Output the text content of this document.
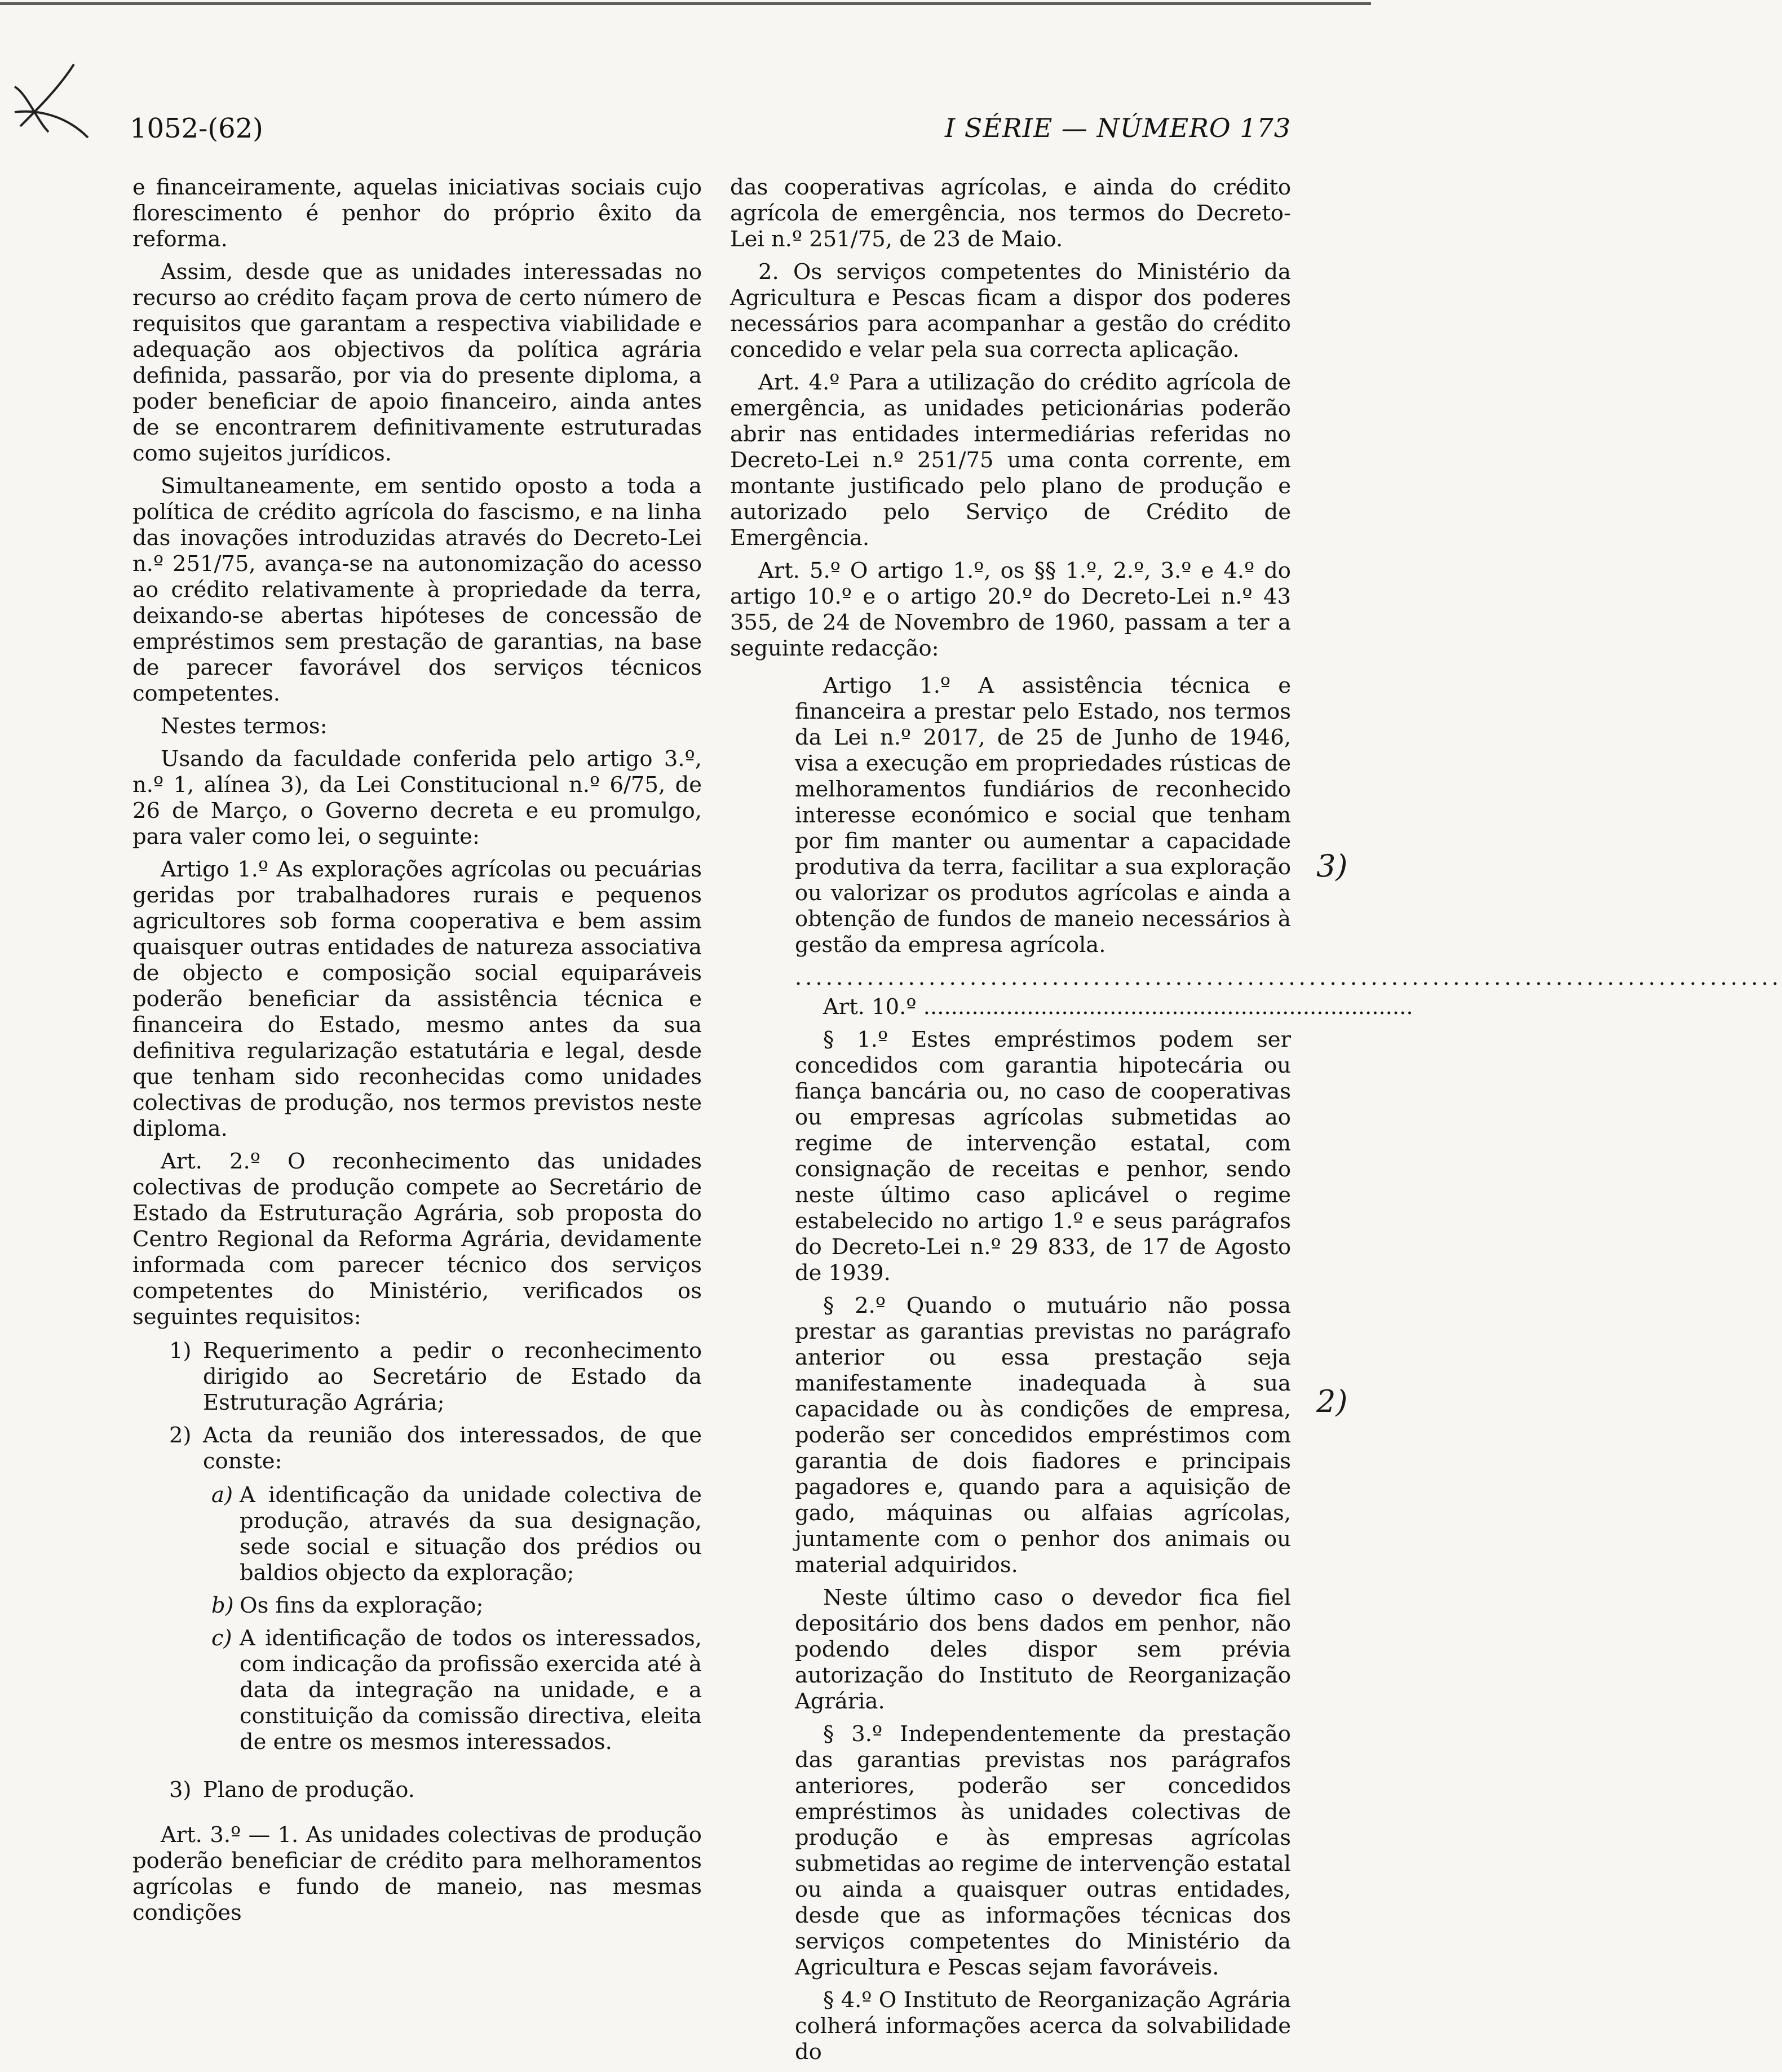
1052-(62)	I SÉRIE — NÚMERO 173

e financeiramente, aquelas iniciativas sociais cujo florescimento é penhor do próprio êxito da reforma.

Assim, desde que as unidades interessadas no recurso ao crédito façam prova de certo número de requisitos que garantam a respectiva viabilidade e adequação aos objectivos da política agrária definida, passarão, por via do presente diploma, a poder beneficiar de apoio financeiro, ainda antes de se encontrarem definitivamente estruturadas como sujeitos jurídicos.

Simultaneamente, em sentido oposto a toda a política de crédito agrícola do fascismo, e na linha das inovações introduzidas através do Decreto-Lei n.º 251/75, avança-se na autonomização do acesso ao crédito relativamente à propriedade da terra, deixando-se abertas hipóteses de concessão de empréstimos sem prestação de garantias, na base de parecer favorável dos serviços técnicos competentes.

Nestes termos:

Usando da faculdade conferida pelo artigo 3.º, n.º 1, alínea 3), da Lei Constitucional n.º 6/75, de 26 de Março, o Governo decreta e eu promulgo, para valer como lei, o seguinte:

Artigo 1.º As explorações agrícolas ou pecuárias geridas por trabalhadores rurais e pequenos agricultores sob forma cooperativa e bem assim quaisquer outras entidades de natureza associativa de objecto e composição social equiparáveis poderão beneficiar da assistência técnica e financeira do Estado, mesmo antes da sua definitiva regularização estatutária e legal, desde que tenham sido reconhecidas como unidades colectivas de produção, nos termos previstos neste diploma.

Art. 2.º O reconhecimento das unidades colectivas de produção compete ao Secretário de Estado da Estruturação Agrária, sob proposta do Centro Regional da Reforma Agrária, devidamente informada com parecer técnico dos serviços competentes do Ministério, verificados os seguintes requisitos:

1) Requerimento a pedir o reconhecimento dirigido ao Secretário de Estado da Estruturação Agrária;
2) Acta da reunião dos interessados, de que conste:
a) A identificação da unidade colectiva de produção, através da sua designação, sede social e situação dos prédios ou baldios objecto da exploração;
b) Os fins da exploração;
c) A identificação de todos os interessados, com indicação da profissão exercida até à data da integração na unidade, e a constituição da comissão directiva, eleita de entre os mesmos interessados.
3) Plano de produção.

Art. 3.º — 1. As unidades colectivas de produção poderão beneficiar de crédito para melhoramentos agrícolas e fundo de maneio, nas mesmas condições

das cooperativas agrícolas, e ainda do crédito agrícola de emergência, nos termos do Decreto-Lei n.º 251/75, de 23 de Maio.

2. Os serviços competentes do Ministério da Agricultura e Pescas ficam a dispor dos poderes necessários para acompanhar a gestão do crédito concedido e velar pela sua correcta aplicação.

Art. 4.º Para a utilização do crédito agrícola de emergência, as unidades peticionárias poderão abrir nas entidades intermediárias referidas no Decreto-Lei n.º 251/75 uma conta corrente, em montante justificado pelo plano de produção e autorizado pelo Serviço de Crédito de Emergência.

Art. 5.º O artigo 1.º, os §§ 1.º, 2.º, 3.º e 4.º do artigo 10.º e o artigo 20.º do Decreto-Lei n.º 43 355, de 24 de Novembro de 1960, passam a ter a seguinte redacção:

Artigo 1.º A assistência técnica e financeira a prestar pelo Estado, nos termos da Lei n.º 2017, de 25 de Junho de 1946, visa a execução em propriedades rústicas de melhoramentos fundiários de reconhecido interesse económico e social que tenham por fim manter ou aumentar a capacidade produtiva da terra, facilitar a sua exploração ou valorizar os produtos agrícolas e ainda a obtenção de fundos de maneio necessários à gestão da empresa agrícola.

................................................................................................

Art. 10.º .......................................................................

§ 1.º Estes empréstimos podem ser concedidos com garantia hipotecária ou fiança bancária ou, no caso de cooperativas ou empresas agrícolas submetidas ao regime de intervenção estatal, com consignação de receitas e penhor, sendo neste último caso aplicável o regime estabelecido no artigo 1.º e seus parágrafos do Decreto-Lei n.º 29 833, de 17 de Agosto de 1939.

§ 2.º Quando o mutuário não possa prestar as garantias previstas no parágrafo anterior ou essa prestação seja manifestamente inadequada à sua capacidade ou às condições de empresa, poderão ser concedidos empréstimos com garantia de dois fiadores e principais pagadores e, quando para a aquisição de gado, máquinas ou alfaias agrícolas, juntamente com o penhor dos animais ou material adquiridos.

Neste último caso o devedor fica fiel depositário dos bens dados em penhor, não podendo deles dispor sem prévia autorização do Instituto de Reorganização Agrária.

§ 3.º Independentemente da prestação das garantias previstas nos parágrafos anteriores, poderão ser concedidos empréstimos às unidades colectivas de produção e às empresas agrícolas submetidas ao regime de intervenção estatal ou ainda a quaisquer outras entidades, desde que as informações técnicas dos serviços competentes do Ministério da Agricultura e Pescas sejam favoráveis.

§ 4.º O Instituto de Reorganização Agrária colherá informações acerca da solvabilidade do

3)
2)
